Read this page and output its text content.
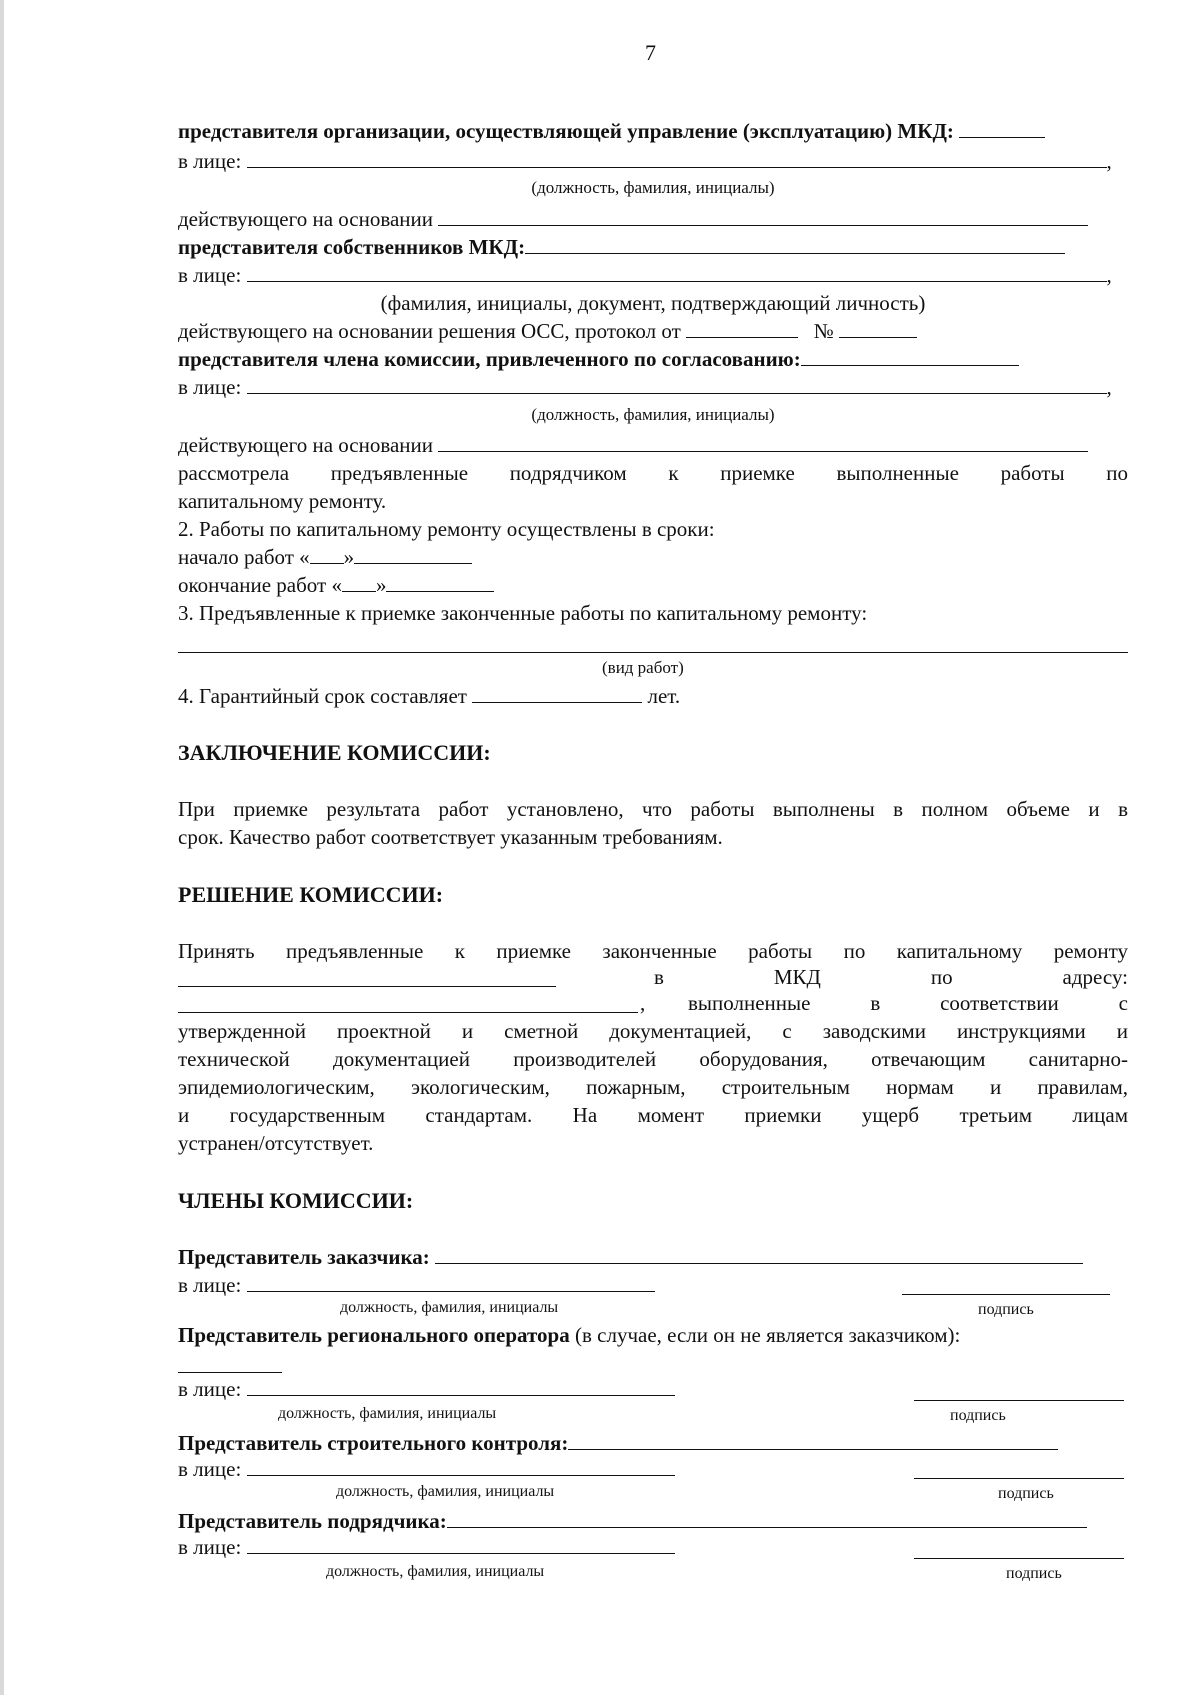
7
представителя организации, осуществляющей управление (эксплуатацию) МКД:
в лице:	,
(должность, фамилия, инициалы)
действующего на основании
представителя собственников МКД:
в лице:	,
(фамилия, инициалы, документ, подтверждающий личность)
действующего на основании решения ОСС, протокол от	№
представителя члена комиссии, привлеченного по согласованию:
в лице:	,
(должность, фамилия, инициалы)
действующего на основании
рассмотрела предъявленные подрядчиком к приемке выполненные работы по
капитальному ремонту.
2. Работы по капитальному ремонту осуществлены в сроки:
начало работ « »
окончание работ « »
3. Предъявленные к приемке законченные работы по капитальному ремонту:
(вид работ)
4. Гарантийный срок составляет	лет.
ЗАКЛЮЧЕНИЕ КОМИССИИ:
При приемке результата работ установлено, что работы выполнены в полном объеме и в
срок. Качество работ соответствует указанным требованиям.
РЕШЕНИЕ КОМИССИИ:
Принять предъявленные к приемке законченные работы по капитальному ремонту
в	МКД	по	адресу:
, выполненные	в	соответствии	с
утвержденной проектной и сметной документацией, с заводскими инструкциями и
технической документацией производителей оборудования, отвечающим санитарно-
эпидемиологическим, экологическим, пожарным, строительным нормам и правилам,
и государственным стандартам. На момент приемки ущерб третьим лицам
устранен/отсутствует.
ЧЛЕНЫ КОМИССИИ:
Представитель заказчика:
в лице:
должность, фамилия, инициалы	подпись
Представитель регионального оператора (в случае, если он не является заказчиком):
в лице:
должность, фамилия, инициалы	подпись
Представитель строительного контроля:
в лице:
должность, фамилия, инициалы	подпись
Представитель подрядчика:
в лице:
должность, фамилия, инициалы	подпись
